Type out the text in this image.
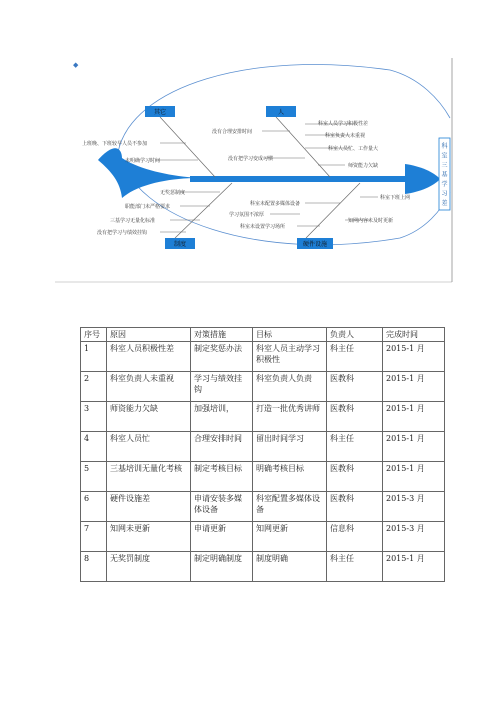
◆
其它	人
制度	硬件设施
上班晚、下班较早人员不参加
未明确学习时间
科室人员学习积极性差
没有合理安排时间
科室负责人未重视
科室人员忙、工作量大
没有把学习变成习惯
师资能力欠缺
无奖惩制度
职能部门未严格要求
三基学习无量化标准
没有把学习与绩效挂钩
科室未配置多媒体设备
科室下班上网
学习氛围不浓厚
知网内容未及时更新
科室未设置学习场所
科
室
三
基
学
习
差
序号	原因	对策措施	目标	负责人	完成时间
1	科室人员积极性差	制定奖惩办法	科室人员主动学习积极性	科主任	2015-1 月
2	科室负责人未重视	学习与绩效挂钩	科室负责人负责	医教科	2015-1 月
3	师资能力欠缺	加强培训，	打造一批优秀讲师	医教科	2015-1 月
4	科室人员忙	合理安排时间	留出时间学习	科主任	2015-1 月
5	三基培训无量化考核	制定考核目标	明确考核目标	医教科	2015-1 月
6	硬件设施差	申请安装多媒体设备	科室配置多媒体设备	医教科	2015-3 月
7	知网未更新	申请更新	知网更新	信息科	2015-3 月
8	无奖罚制度	制定明确制度	制度明确	科主任	2015-1 月
